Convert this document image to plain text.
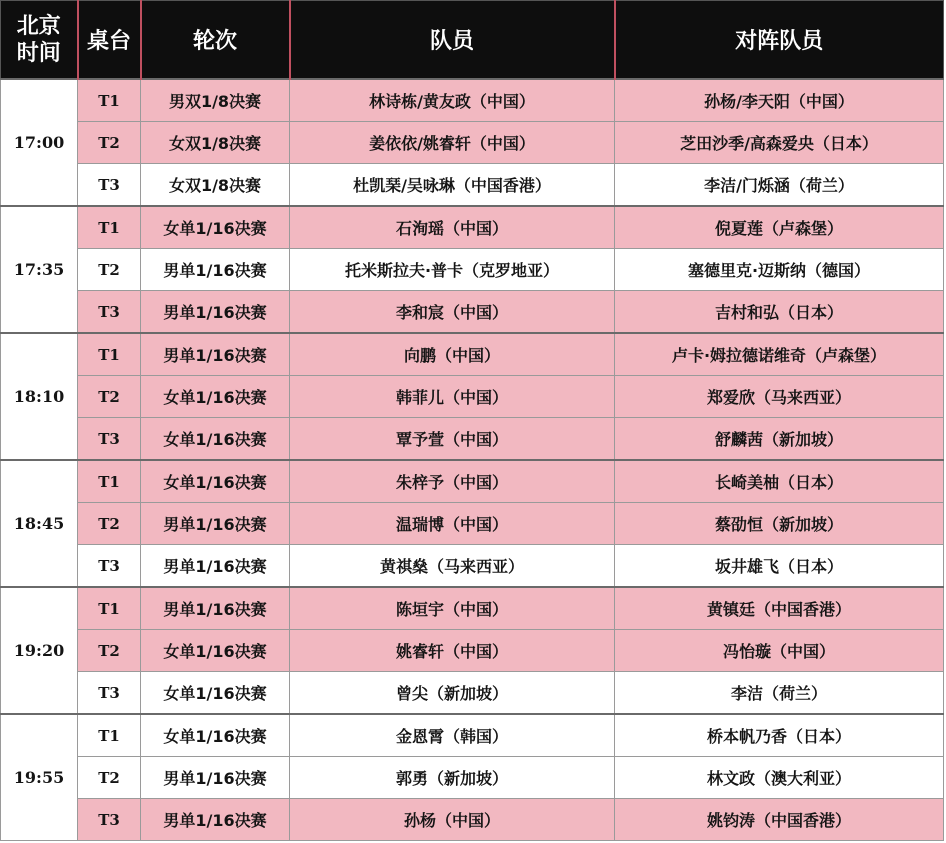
北京
时间	桌台	轮次	队员	对阵队员
17:00	T1	男双1/8决赛	林诗栋/黄友政（中国）	孙杨/李天阳（中国）
	T2	女双1/8决赛	姜依依/姚睿轩（中国）	芝田沙季/高森爱央（日本）
	T3	女双1/8决赛	杜凯琹/吴咏琳（中国香港）	李洁/门烁涵（荷兰）
17:35	T1	女单1/16决赛	石洵瑶（中国）	倪夏莲（卢森堡）
	T2	男单1/16决赛	托米斯拉夫·普卡（克罗地亚）	塞德里克·迈斯纳（德国）
	T3	男单1/16决赛	李和宸（中国）	吉村和弘（日本）
18:10	T1	男单1/16决赛	向鹏（中国）	卢卡·姆拉德诺维奇（卢森堡）
	T2	女单1/16决赛	韩菲儿（中国）	郑爱欣（马来西亚）
	T3	女单1/16决赛	覃予萱（中国）	舒麟茜（新加坡）
18:45	T1	女单1/16决赛	朱梓予（中国）	长崎美柚（日本）
	T2	男单1/16决赛	温瑞博（中国）	蔡劭恒（新加坡）
	T3	男单1/16决赛	黄祺燊（马来西亚）	坂井雄飞（日本）
19:20	T1	男单1/16决赛	陈垣宇（中国）	黄镇廷（中国香港）
	T2	女单1/16决赛	姚睿轩（中国）	冯怡璇（中国）
	T3	女单1/16决赛	曾尖（新加坡）	李洁（荷兰）
19:55	T1	女单1/16决赛	金恩霄（韩国）	桥本帆乃香（日本）
	T2	男单1/16决赛	郭勇（新加坡）	林文政（澳大利亚）
	T3	男单1/16决赛	孙杨（中国）	姚钧涛（中国香港）
